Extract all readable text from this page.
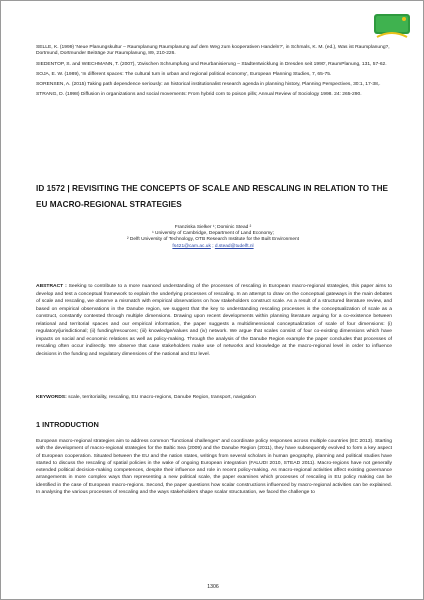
SELLE, K. (1999) 'Neue Planungskultur – Raumplanung Raumplanung auf dem Weg zum kooperativen Handeln?', in Schmals, K. M. (ed.), Was ist Raumplanung?, Dortmund, Dortmunder Beiträge zur Raumplanung, 89, 210-226.

SIEDENTOP, S. and WIECHMANN, T. (2007), 'Zwischen Schrumpfung und Reurbanisierung – Stadtentwicklung in Dresden seit 1990', RaumPlanung, 131, 57-62.

SOJA, E. W. (1989), 'In different spaces: The cultural turn in urban and regional political economy', European Planning Studies, 7, 65-75.

SORENSEN, A. (2015) Taking path dependence seriously: an historical institutionalist research agenda in planning history, Planning Perspectives, 30:1, 17-38,.

STRANG, D. (1998) Diffusion in organizations and social movements: From hybrid corn to poison pills; Annual Review of Sociology 1998. 24: 265-290.

ID 1572 | REVISITING THE CONCEPTS OF SCALE AND RESCALING IN RELATION TO THE EU MACRO-REGIONAL STRATEGIES
Franziska Sielker ¹; Dominic Stead ²
¹ University of Cambridge, Department of Land Economy;
² Delft University of Technology, OTB Research Institute for the Built Environment
fs421@cam.ac.uk ; d.stead@tudelft.nl
ABSTRACT : Seeking to contribute to a more nuanced understanding of the processes of rescaling in European macro-regional strategies, this paper aims to develop and test a conceptual framework to explain the underlying processes of rescaling. In an attempt to draw on the conceptual gateways in the main debates of scale and rescaling, we observe a mismatch with empirical observations on how stakeholders construct scale. As a result of a structured literature review, and based on empirical observations in the Danube region, we suggest that the key to understanding rescaling processes is the conceptualization of scale as a construct, constantly contested through multiple dimensions. Drawing upon recent developments within planning literature arguing for a co-existence between relational and territorial spaces and our empirical information, the paper suggests a multidimensional conceptualization of scale of four dimensions: (i) regulatory/jurisdictional; (ii) funding/resources; (iii) knowledge/values and (iv) network. We argue that scales consist of four co-existing dimensions which have impacts on social and economic relations as well as policy-making. Through the analysis of the Danube Region example the paper concludes that processes of rescaling often occur indirectly. We observe that case stakeholders make use of networks and knowledge at the macro-regional level in order to influence decisions in the funding and regulatory dimensions of the national and EU level.
KEYWORDS: scale, territoriality, rescaling, EU macro-regions, Danube Region, transport, navigation
1 INTRODUCTION
European macro-regional strategies aim to address common "functional challenges" and coordinate policy responses across multiple countries (EC 2013). Starting with the development of macro-regional strategies for the Baltic Sea (2009) and the Danube Region (2011), they have subsequently evolved to form a key aspect of European cooperation. Situated between the EU and the nation states, writings from several scholars in human geography, planning and political studies have started to discuss the rescaling of spatial policies in the wake of ongoing European integration (FALUDI 2010, STEAD 2011). Macro-regions have not generally extended political decision-making competences, despite their influence and role in recent policy-making. As macro-regional activities affect existing governance arrangements in more complex ways than representing a new political scale, the paper examines which processes of rescaling in EU policy making can be identified in the case of European macro-regions. Second, the paper questions how scalar constructions influenced by macro-regional activities can be explained. In analysing the various processes of rescaling and the ways stakeholders shape scalar structuration, we faced the challenge to
1306
